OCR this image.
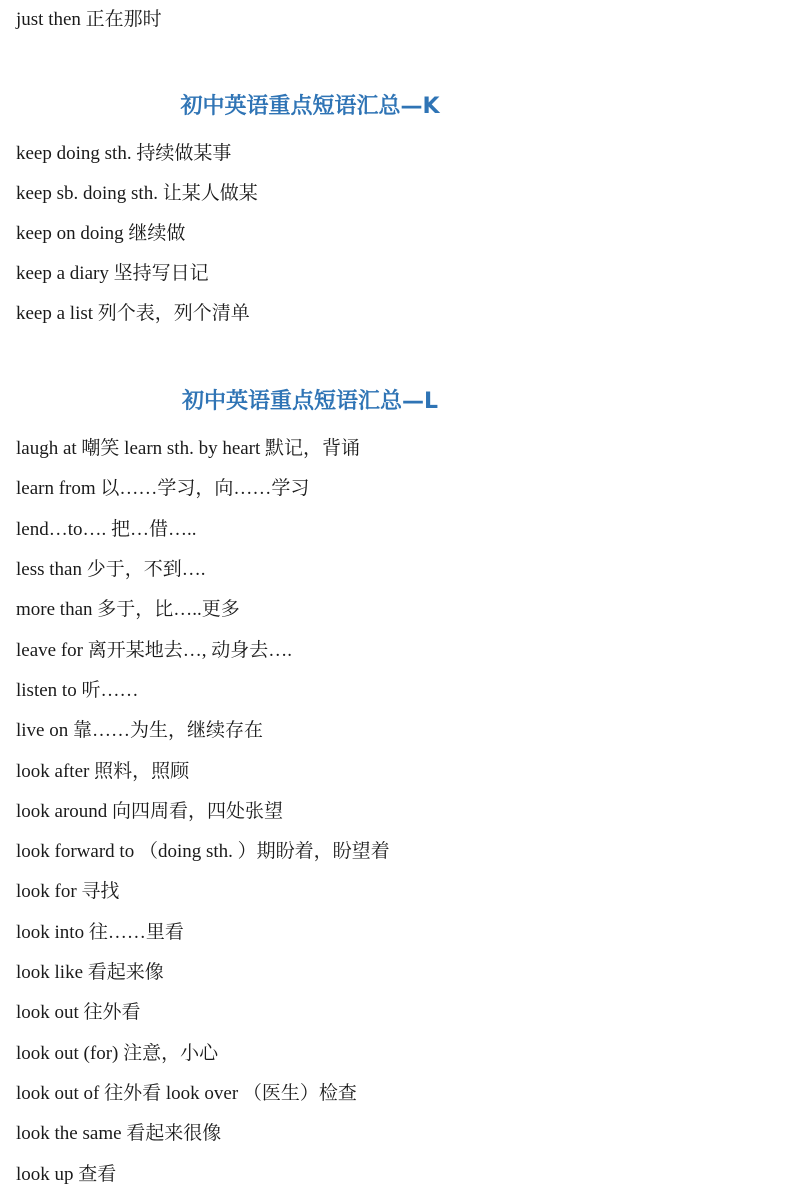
just then 正在那时
初中英语重点短语汇总—K
keep doing sth. 持续做某事
keep sb. doing sth. 让某人做某
keep on doing 继续做
keep a diary 坚持写日记
keep a list 列个表，列个清单
初中英语重点短语汇总—L
laugh at 嘲笑 learn sth. by heart 默记，背诵
learn from 以……学习，向……学习
lend…to…. 把…借…..
less than 少于，不到….
more than 多于，比…..更多
leave for 离开某地去…, 动身去….
listen to 听……
live on 靠……为生，继续存在
look after 照料，照顾
look around 向四周看，四处张望
look forward to （doing sth. ）期盼着，盼望着
look for 寻找
look into 往……里看
look like 看起来像
look out 往外看
look out (for) 注意，小心
look out of 往外看 look over （医生）检查
look the same 看起来很像
look up 查看
